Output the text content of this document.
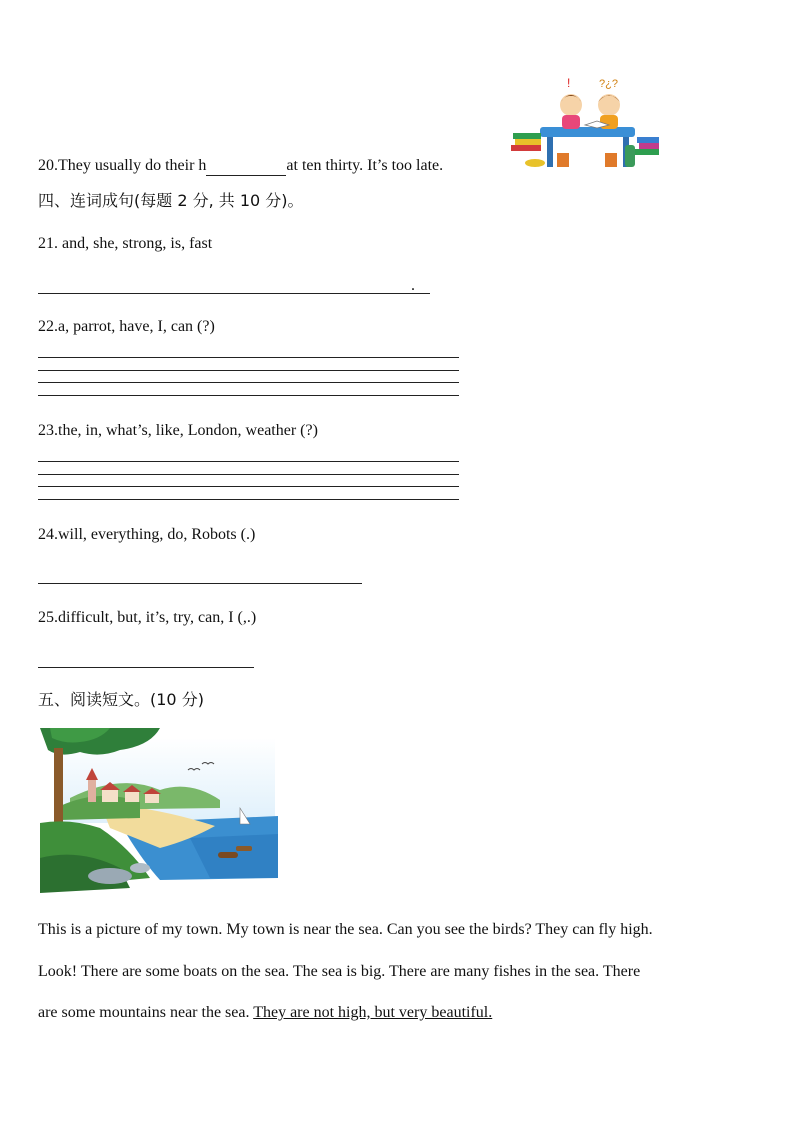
!	?¿?
20.They usually do their h	at ten thirty. It’s too late.
四、连词成句(每题 2 分, 共 10 分)。
21. and, she, strong, is, fast
.
22.a, parrot, have, I, can (?)
23.the, in, what’s, like, London, weather (?)
24.will, everything, do, Robots (.)
25.difficult, but, it’s, try, can, I (,.)
五、阅读短文。(10 分)
This is a picture of my town. My town is near the sea. Can you see the birds? They can fly high.
Look! There are some boats on the sea. The sea is big. There are many fishes in the sea. There
are some mountains near the sea. They are not high, but very beautiful.
